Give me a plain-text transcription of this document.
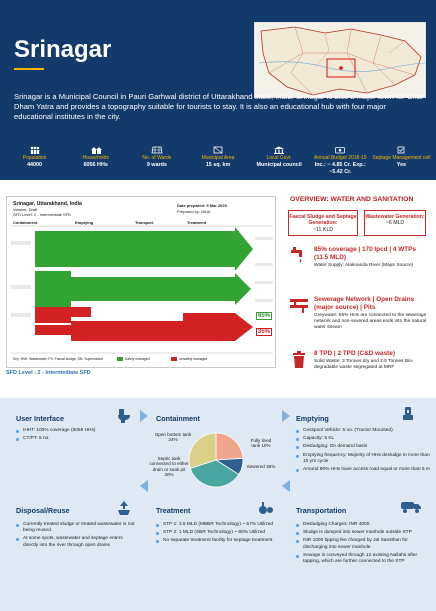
Srinagar
Srinagar is a Municipal Council in Pauri Garhwal district of Uttarakhand state, India. Srinagar is also a major town for Char Dham Yatra and provides a topography suitable for tourists to stay. It is also an educational hub with four major educational institutes in the city.
Population
44000
Households
6056 HHs
No. of Wards
9 wards
Municipal Area
15 sq. km
Local Govt.
Municipal council
Annual Budget 2018-19
Inc.: ~ 4.85 Cr. Exp.: ~5.42 Cr.
Septage Management cell
Yes
Srinagar, Uttarakhand, India
Version: Draft
SFD Level: 2 - Intermediate SFD
Date prepared: 9 Mar 2020
Prepared by: NIUA
Containment	Emptying	Transport	Treatment
65%
35%
Key: WW: Wastewater, FS: Faecal sludge, SN: Supernatant	Safely managed	Unsafely managed
SFD Level : 2 - Intermediate SFD
OVERVIEW: WATER AND SANITATION
Faecal Sludge and Septage Generation:
~11 KLD
Wastewater Generation:
~6 MLD
85% coverage | 170 lpcd | 4 WTPs (11.5 MLD)
Water Supply: Alaknanda River (Major Source)
Sewerage Network | Open Drains (major source) | Pits
Greywater: 65% HHs are connected to the sewerage network and non-severed areas ends into the natural water stream
8 TPD | 2 TPD (C&D waste)
Solid Waste: 2 Tonnes dry and 2.5 Tonnes Bio-degradable waste segregated at MRF
User Interface
IHHT: 100% coverage (6058 HHs)
CT/PT: 5 no.
Containment
Open bottom tank 24%	Fully lined tank 10%
Sewered 36%
Septic tank connected to either drain or soak pit 30%
Emptying
Cesspool Vehicle: 5 no. (Tractor Mounted)
Capacity: 5 KL
Desludging: On demand basis
Emptying frequency: Majority of HHs desludge in more than 10 yrs cycle
Around 80% HHs have access road equal or more than 5 m
Disposal/Reuse
Currently treated sludge or treated wastewater is not being reused.
At some spots, wastewater and septage enters directly into the river through open drains
Treatment
STP 1: 3.5 MLD (MBBR Technology) ~ 57% Utilized
STP 2: 1 MLD (SBR Technology) ~ 80% Utilized
No separate treatment facility for septage treatment
Transportation
Desludging Charges: INR 4000
Sludge is dumped into sewer manhole outside STP
INR 1000 tipping fee charged by Jal Sansthan for discharging into sewer manhole
Sewage is conveyed through 12 existing Nallahs after tapping, which are further connected to the STP
